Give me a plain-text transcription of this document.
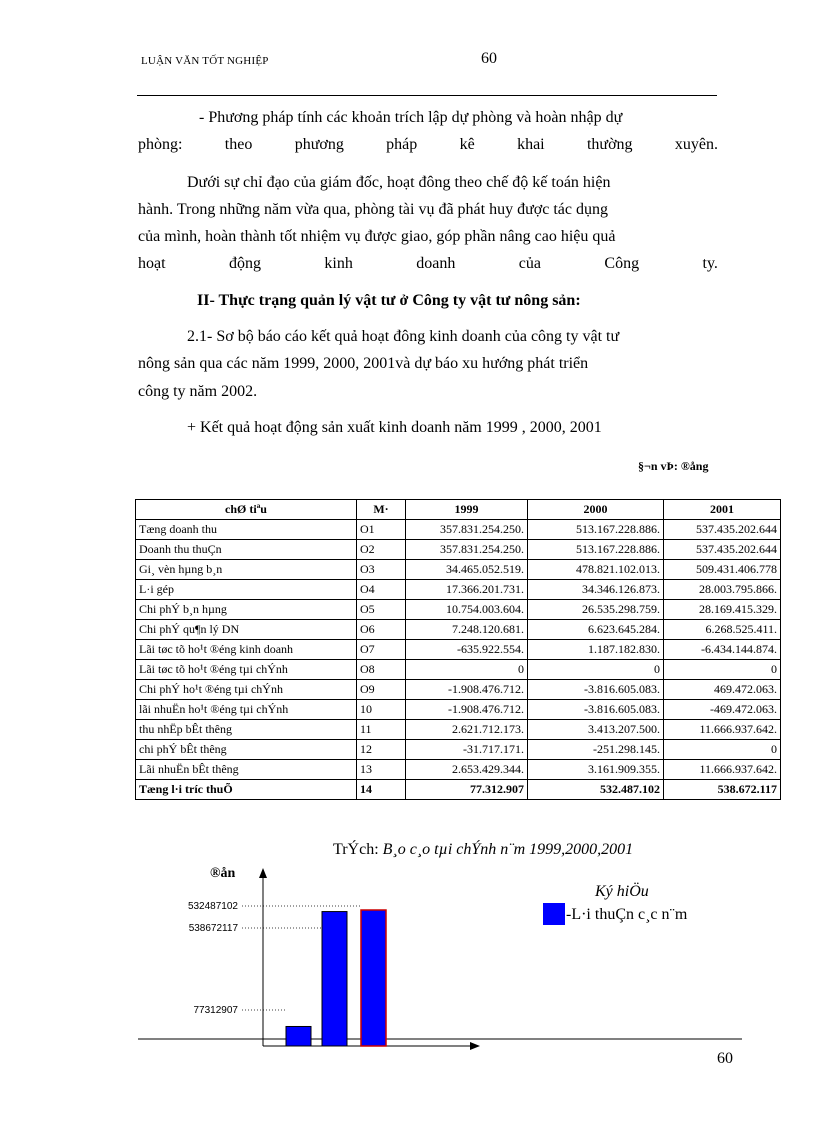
LUẬN VĂN TỐT NGHIỆP	60
- Phương pháp tính các khoản trích lập dự phòng và hoàn nhập dự
phòng:	theo	phương	pháp	kê	khai	thường	xuyên.
Dưới sự chỉ đạo của giám đốc, hoạt đông theo chế độ kế toán hiện
hành. Trong những năm vừa qua, phòng tài vụ đã phát huy được tác dụng
của mình, hoàn thành tốt nhiệm vụ được giao, góp phần nâng cao hiệu quả
hoạt	động	kinh	doanh	của	Công	ty.
II- Thực trạng quản lý vật tư ở Công ty vật tư nông sản:
2.1- Sơ bộ báo cáo kết quả hoạt đông kinh doanh của công ty vật tư
nông sản qua các năm 1999, 2000, 2001và dự báo xu hướng phát triển
công ty năm 2002.
+ Kết quả hoạt động sản xuất kinh doanh năm 1999 , 2000, 2001
§¬n vÞ: ®ång
chØ tiªu	M·	1999	2000	2001
Tæng doanh thu	O1	357.831.254.250.	513.167.228.886.	537.435.202.644
Doanh thu thuÇn	O2	357.831.254.250.	513.167.228.886.	537.435.202.644
Gi¸ vèn hµng b¸n	O3	34.465.052.519.	478.821.102.013.	509.431.406.778
L·i gép	O4	17.366.201.731.	34.346.126.873.	28.003.795.866.
Chi phÝ b¸n hµng	O5	10.754.003.604.	26.535.298.759.	28.169.415.329.
Chi phÝ qu¶n lý DN	O6	7.248.120.681.	6.623.645.284.	6.268.525.411.
Lãi tøc tõ ho¹t ®éng kinh doanh	O7	-635.922.554.	1.187.182.830.	-6.434.144.874.
Lãi tøc tõ ho¹t ®éng tµi chÝnh	O8	0	0	0
Chi phÝ ho¹t ®éng tµi chÝnh	O9	-1.908.476.712.	-3.816.605.083.	469.472.063.
lãi nhuËn ho¹t ®éng tµi chÝnh	10	-1.908.476.712.	-3.816.605.083.	-469.472.063.
thu nhËp bÊt thêng	11	2.621.712.173.	3.413.207.500.	11.666.937.642.
chi phÝ bÊt thêng	12	-31.717.171.	-251.298.145.	0
Lãi nhuËn bÊt thêng	13	2.653.429.344.	3.161.909.355.	11.666.937.642.
Tæng l·i tríc thuÕ	14	77.312.907	532.487.102	538.672.117
TrÝch: B¸o c¸o tµi chÝnh n¨m 1999,2000,2001
®ån
532487102
538672117
77312907
Ký hiÖu
-L·i thuÇn c¸c n¨m
60
